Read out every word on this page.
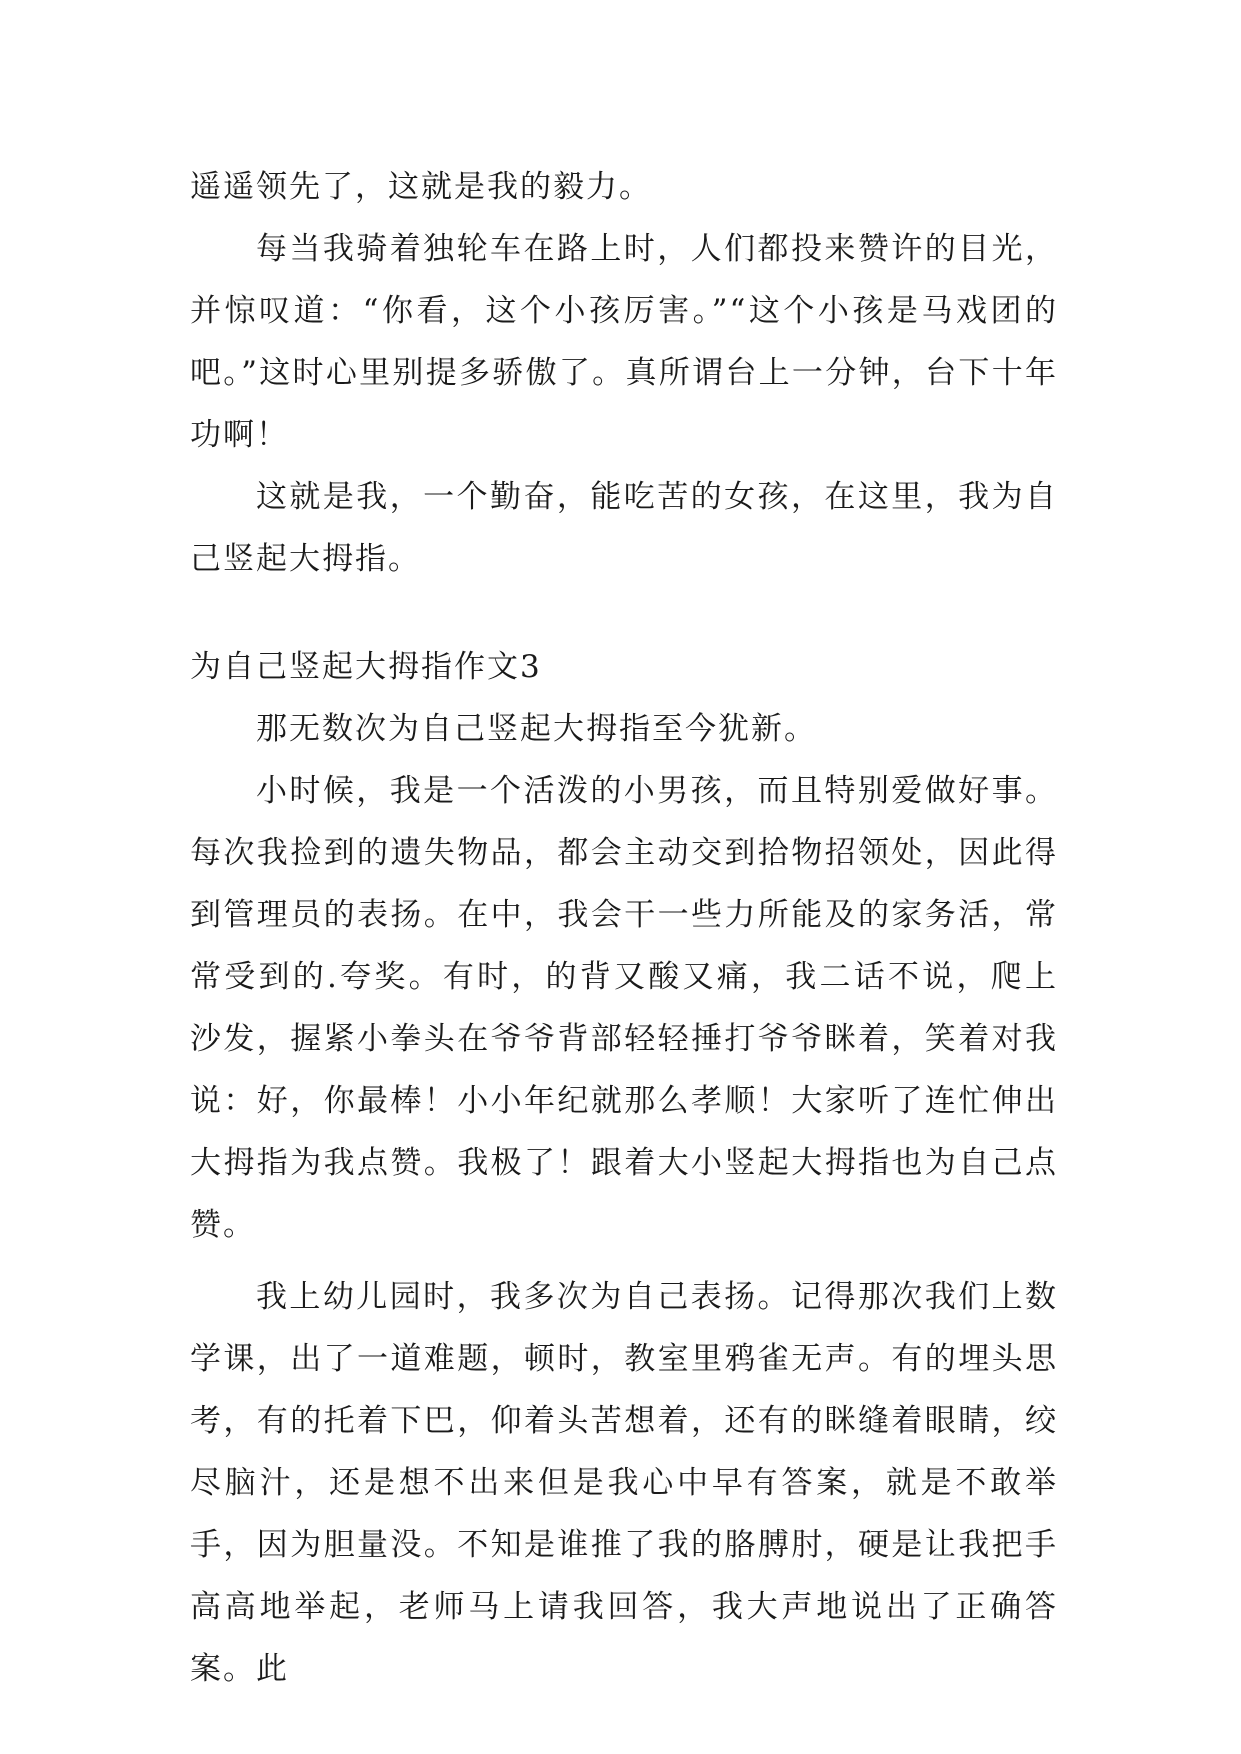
遥遥领先了，这就是我的毅力。

每当我骑着独轮车在路上时，人们都投来赞许的目光，并惊叹道：“你看，这个小孩厉害。”“这个小孩是马戏团的吧。”这时心里别提多骄傲了。真所谓台上一分钟，台下十年功啊！

这就是我，一个勤奋，能吃苦的女孩，在这里，我为自己竖起大拇指。

为自己竖起大拇指作文3

那无数次为自己竖起大拇指至今犹新。

小时候，我是一个活泼的小男孩，而且特别爱做好事。每次我捡到的遗失物品，都会主动交到拾物招领处，因此得到管理员的表扬。在中，我会干一些力所能及的家务活，常常受到的.夸奖。有时，的背又酸又痛，我二话不说，爬上沙发，握紧小拳头在爷爷背部轻轻捶打爷爷眯着，笑着对我说：好，你最棒！小小年纪就那么孝顺！大家听了连忙伸出大拇指为我点赞。我极了！跟着大小竖起大拇指也为自己点赞。

我上幼儿园时，我多次为自己表扬。记得那次我们上数学课，出了一道难题，顿时，教室里鸦雀无声。有的埋头思考，有的托着下巴，仰着头苦想着，还有的眯缝着眼睛，绞尽脑汁，还是想不出来但是我心中早有答案，就是不敢举手，因为胆量没。不知是谁推了我的胳膊肘，硬是让我把手高高地举起，老师马上请我回答，我大声地说出了正确答案。此
